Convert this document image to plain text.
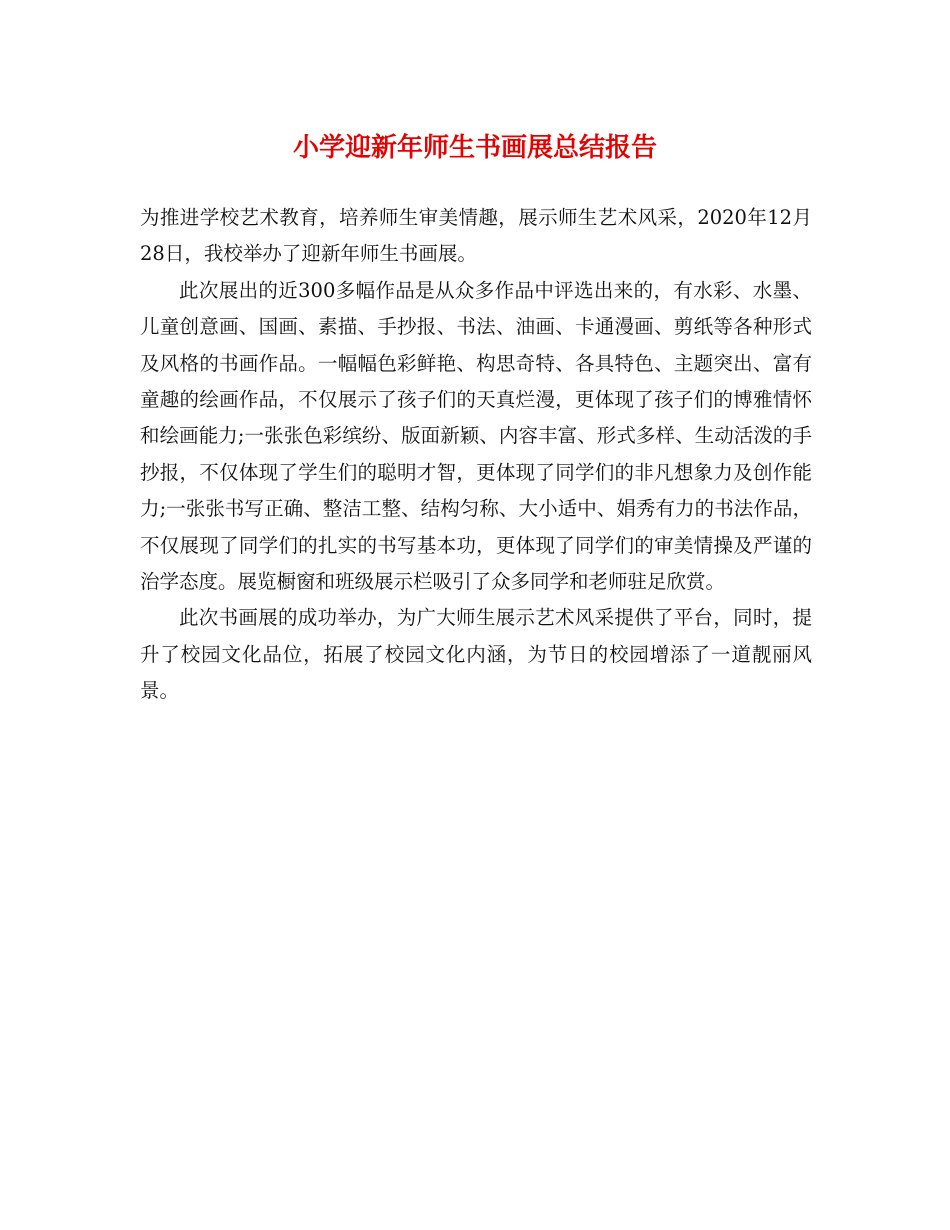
小学迎新年师生书画展总结报告

为推进学校艺术教育，培养师生审美情趣，展示师生艺术风采，2020年12月28日，我校举办了迎新年师生书画展。

此次展出的近300多幅作品是从众多作品中评选出来的，有水彩、水墨、儿童创意画、国画、素描、手抄报、书法、油画、卡通漫画、剪纸等各种形式及风格的书画作品。一幅幅色彩鲜艳、构思奇特、各具特色、主题突出、富有童趣的绘画作品，不仅展示了孩子们的天真烂漫，更体现了孩子们的博雅情怀和绘画能力;一张张色彩缤纷、版面新颖、内容丰富、形式多样、生动活泼的手抄报，不仅体现了学生们的聪明才智，更体现了同学们的非凡想象力及创作能力;一张张书写正确、整洁工整、结构匀称、大小适中、娟秀有力的书法作品，不仅展现了同学们的扎实的书写基本功，更体现了同学们的审美情操及严谨的治学态度。展览橱窗和班级展示栏吸引了众多同学和老师驻足欣赏。

此次书画展的成功举办，为广大师生展示艺术风采提供了平台，同时，提升了校园文化品位，拓展了校园文化内涵，为节日的校园增添了一道靓丽风景。
